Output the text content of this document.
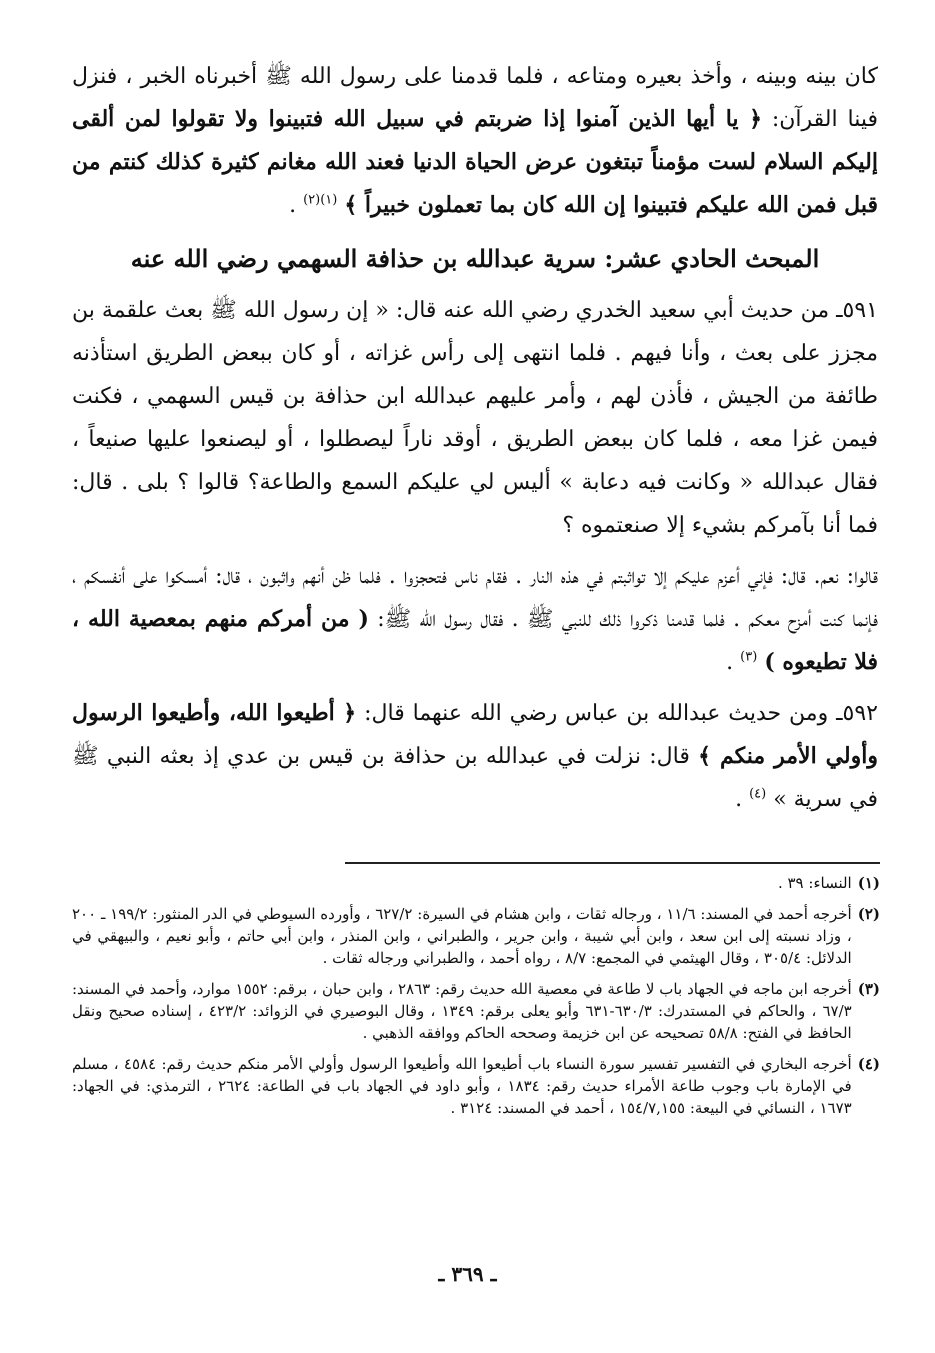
كان بينه وبينه ، وأخذ بعيره ومتاعه ، فلما قدمنا على رسول الله ﷺ أخبرناه الخبر ، فنزل فينا القرآن: ﴿ يا أيها الذين آمنوا إذا ضربتم في سبيل الله فتبينوا ولا تقولوا لمن ألقى إليكم السلام لست مؤمناً تبتغون عرض الحياة الدنيا فعند الله مغانم كثيرة كذلك كنتم من قبل فمن الله عليكم فتبينوا إن الله كان بما تعملون خبيراً ﴾ $^{(١)(٢)}$ .

المبحث الحادي عشر: سرية عبدالله بن حذافة السهمي رضي الله عنه

٥٩١ـ من حديث أبي سعيد الخدري رضي الله عنه قال: « إن رسول الله ﷺ بعث علقمة بن مجزز على بعث ، وأنا فيهم . فلما انتهى إلى رأس غزاته ، أو كان ببعض الطريق استأذنه طائفة من الجيش ، فأذن لهم ، وأمر عليهم عبدالله ابن حذافة بن قيس السهمي ، فكنت فيمن غزا معه ، فلما كان ببعض الطريق ، أوقد ناراً ليصطلوا ، أو ليصنعوا عليها صنيعاً ، فقال عبدالله « وكانت فيه دعابة » أليس لي عليكم السمع والطاعة؟ قالوا ؟ بلى . قال: فما أنا بآمركم بشيء إلا صنعتموه ؟

قالوا: نعم. قال: فإني أعزم عليكم إلا تواثبتم في هذه النار . فقام ناس فتحجزوا . فلما ظن أنهم واثبون ، قال: أمسكوا على أنفسكم ، فإنما كنت أمزح معكم . فلما قدمنا ذكروا ذلك للنبي ﷺ . فقال رسول الله ﷺ: ( من أمركم منهم بمعصية الله ، فلا تطيعوه ) $^{(٣)}$ .

٥٩٢ـ ومن حديث عبدالله بن عباس رضي الله عنهما قال: ﴿ أطيعوا الله، وأطيعوا الرسول وأولي الأمر منكم ﴾ قال: نزلت في عبدالله بن حذافة بن قيس بن عدي إذ بعثه النبي ﷺ في سرية » $^{(٤)}$ .

(١)
النساء: ٣٩ .
(٢)
أخرجه أحمد في المسند: ١١/٦ ، ورجاله ثقات ، وابن هشام في السيرة: ٦٢٧/٢ ، وأورده السيوطي في الدر المنثور: ١٩٩/٢ ـ ٢٠٠ ، وزاد نسبته إلى ابن سعد ، وابن أبي شيبة ، وابن جرير ، والطبراني ، وابن المنذر ، وابن أبي حاتم ، وأبو نعيم ، والبيهقي في الدلائل: ٣٠٥/٤ ، وقال الهيثمي في المجمع: ٨/٧ ، رواه أحمد ، والطبراني ورجاله ثقات .
(٣)
أخرجه ابن ماجه في الجهاد باب لا طاعة في معصية الله حديث رقم: ٢٨٦٣ ، وابن حبان ، برقم: ١٥٥٢ موارد، وأحمد في المسند: ٦٧/٣ ، والحاكم في المستدرك: ٦٣٠/٣-٦٣١ وأبو يعلى برقم: ١٣٤٩ ، وقال البوصيري في الزوائد: ٤٢٣/٢ ، إسناده صحيح ونقل الحافظ في الفتح: ٥٨/٨ تصحيحه عن ابن خزيمة وصححه الحاكم ووافقه الذهبي .
(٤)
أخرجه البخاري في التفسير تفسير سورة النساء باب أطيعوا الله وأطيعوا الرسول وأولي الأمر منكم حديث رقم: ٤٥٨٤ ، مسلم في الإمارة باب وجوب طاعة الأمراء حديث رقم: ١٨٣٤ ، وأبو داود في الجهاد باب في الطاعة: ٢٦٢٤ ، الترمذي: في الجهاد: ١٦٧٣ ، النسائي في البيعة: ١٥٤/٧,١٥٥ ، أحمد في المسند: ٣١٢٤ .
ـ ٣٦٩ ـ
